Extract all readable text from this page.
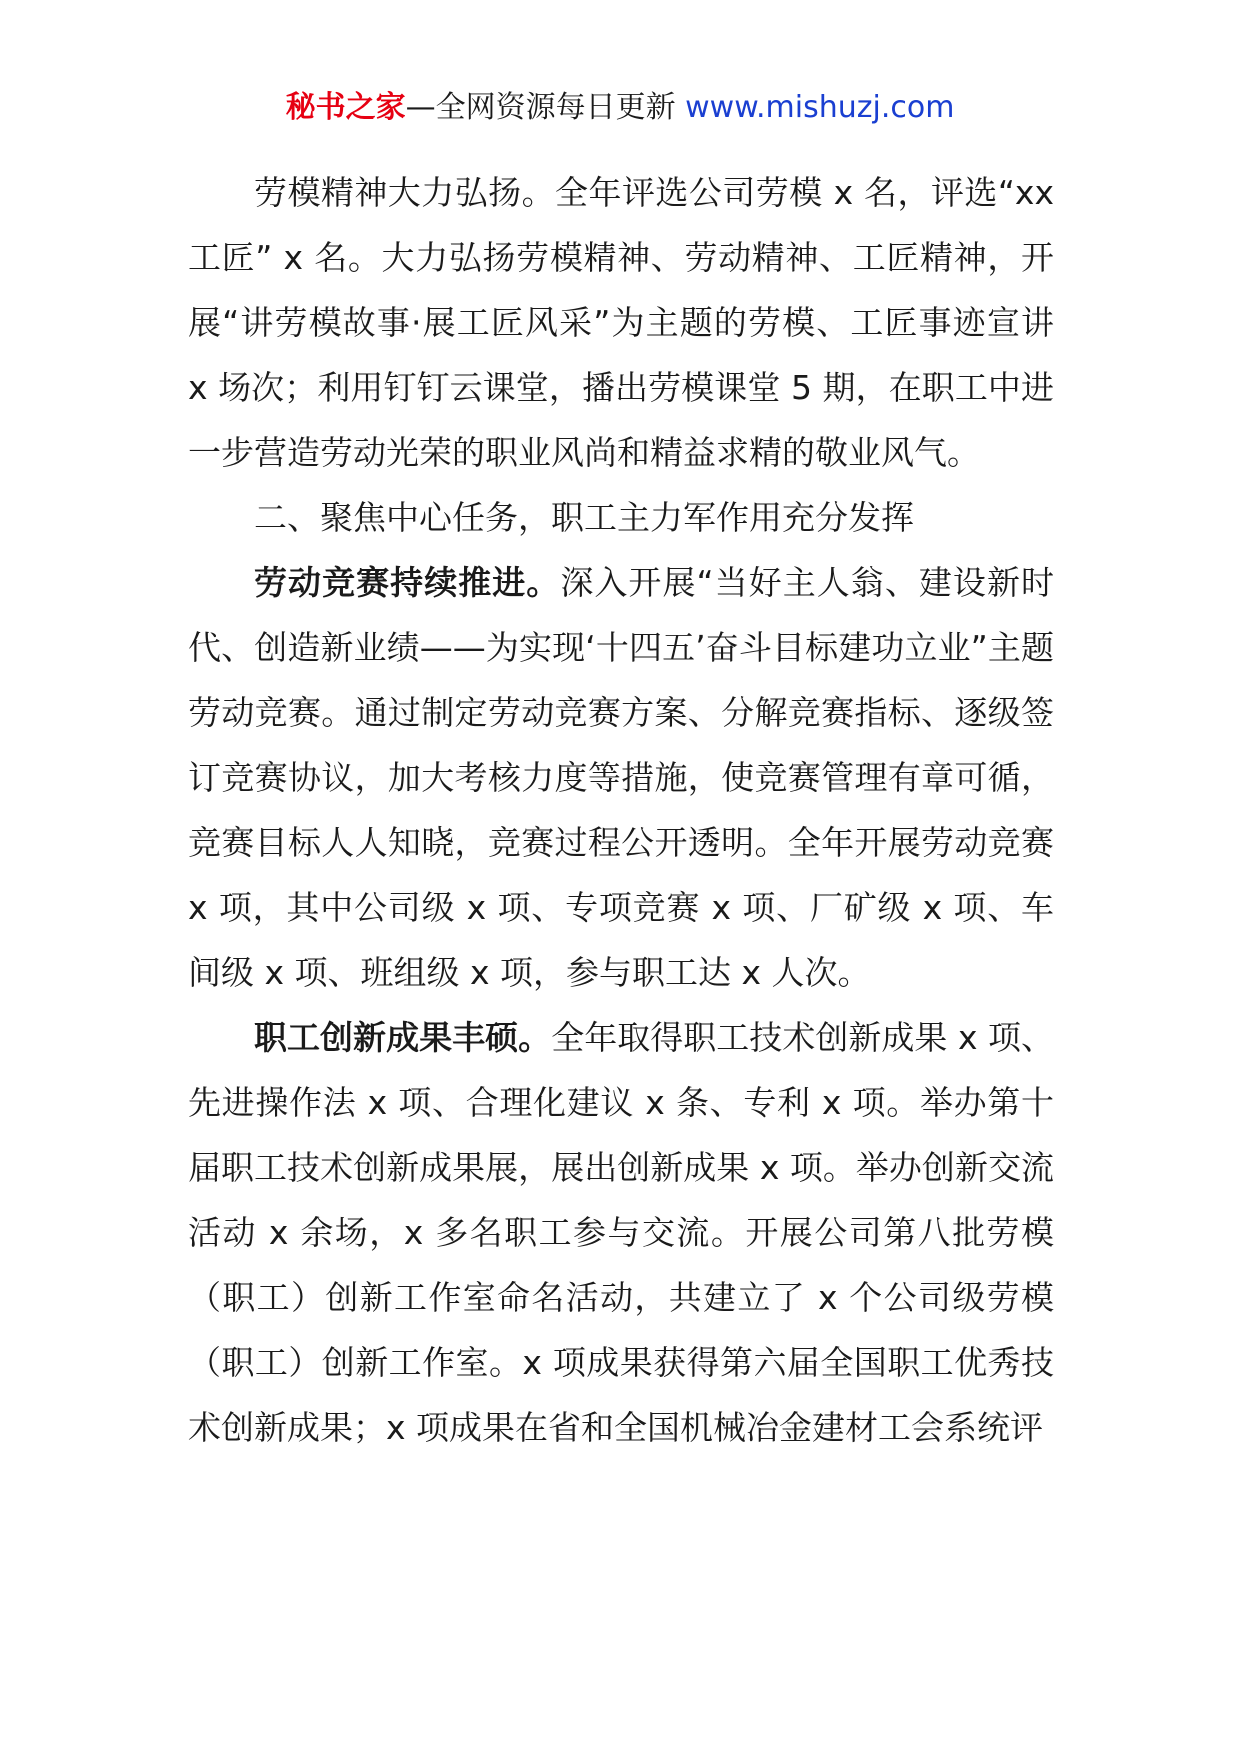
秘书之家—全网资源每日更新 www.mishuzj.com

劳模精神大力弘扬。全年评选公司劳模 x 名，评选“xx 工匠” x 名。大力弘扬劳模精神、劳动精神、工匠精神，开展“讲劳模故事·展工匠风采”为主题的劳模、工匠事迹宣讲 x 场次；利用钉钉云课堂，播出劳模课堂 5 期，在职工中进一步营造劳动光荣的职业风尚和精益求精的敬业风气。

二、聚焦中心任务，职工主力军作用充分发挥

劳动竞赛持续推进。深入开展“当好主人翁、建设新时代、创造新业绩——为实现‘十四五’奋斗目标建功立业”主题劳动竞赛。通过制定劳动竞赛方案、分解竞赛指标、逐级签订竞赛协议，加大考核力度等措施，使竞赛管理有章可循，竞赛目标人人知晓，竞赛过程公开透明。全年开展劳动竞赛 x 项，其中公司级 x 项、专项竞赛 x 项、厂矿级 x 项、车间级 x 项、班组级 x 项，参与职工达 x 人次。

职工创新成果丰硕。全年取得职工技术创新成果 x 项、先进操作法 x 项、合理化建议 x 条、专利 x 项。举办第十届职工技术创新成果展，展出创新成果 x 项。举办创新交流活动 x 余场，x 多名职工参与交流。开展公司第八批劳模（职工）创新工作室命名活动，共建立了 x 个公司级劳模（职工）创新工作室。x 项成果获得第六届全国职工优秀技术创新成果；x 项成果在省和全国机械冶金建材工会系统评
